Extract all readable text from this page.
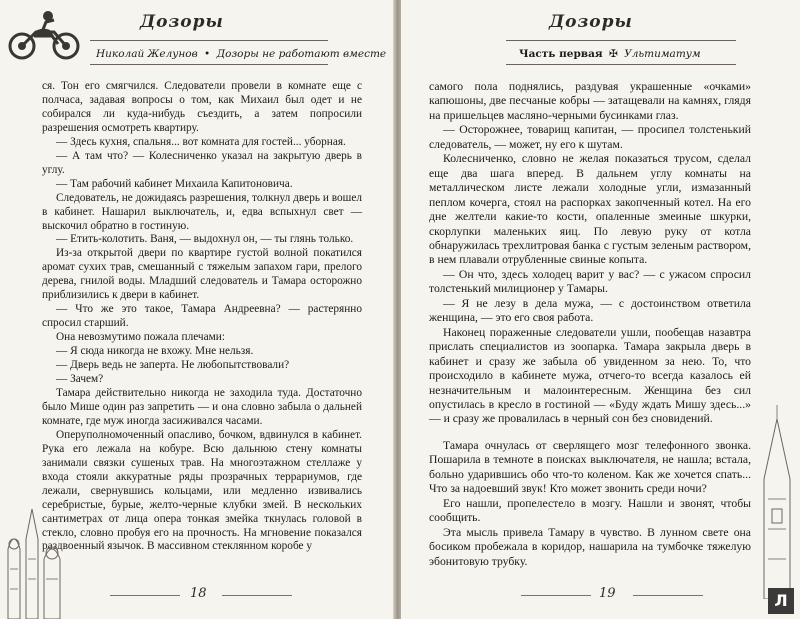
Дозоры
Николай Желунов • Дозоры не работают вместе

ся. Тон его смягчился. Следователи провели в комнате еще с полчаса, задавая вопросы о том, как Михаил был одет и не собирался ли куда-нибудь съездить, а затем попросили разрешения осмотреть квартиру.

— Здесь кухня, спальня... вот комната для гостей... уборная.

— А там что? — Колесниченко указал на закрытую дверь в углу.

— Там рабочий кабинет Михаила Капитоновича.

Следователь, не дожидаясь разрешения, толкнул дверь и вошел в кабинет. Нашарил выключатель, и, едва вспыхнул свет — выскочил обратно в гостиную.

— Етить-колотить. Ваня, — выдохнул он, — ты глянь только.

Из-за открытой двери по квартире густой волной покатился аромат сухих трав, смешанный с тяжелым запахом гари, прелого дерева, гнилой воды. Младший следователь и Тамара осторожно приблизились к двери в кабинет.

— Что же это такое, Тамара Андреевна? — растерянно спросил старший.

Она невозмутимо пожала плечами:

— Я сюда никогда не вхожу. Мне нельзя.

— Дверь ведь не заперта. Не любопытствовали?

— Зачем?

Тамара действительно никогда не заходила туда. Достаточно было Мише один раз запретить — и она словно забыла о дальней комнате, где муж иногда засиживался часами.

Оперуполномоченный опасливо, бочком, вдвинулся в кабинет. Рука его лежала на кобуре. Всю дальнюю стену комнаты занимали связки сушеных трав. На многоэтажном стеллаже у входа стояли аккуратные ряды прозрачных террариумов, где лежали, свернувшись кольцами, или медленно извивались серебристые, бурые, желто-черные клубки змей. В нескольких сантиметрах от лица опера тонкая змейка ткнулась головой в стекло, словно пробуя его на прочность. На мгновение показался раздвоенный язычок. В массивном стеклянном коробе у

18
Дозоры
Часть первая ✠ Ультиматум

самого пола поднялись, раздувая украшенные «очками» капюшоны, две песчаные кобры — затащевали на камнях, глядя на пришельцев масляно-черными бусинками глаз.

— Осторожнее, товарищ капитан, — просипел толстенький следователь, — может, ну его к шутам.

Колесниченко, словно не желая показаться трусом, сделал еще два шага вперед. В дальнем углу комнаты на металлическом листе лежали холодные угли, измазанный пеплом кочерга, стоял на распорках закопченный котел. На его дне желтели какие-то кости, опаленные змеиные шкурки, скорлупки маленьких яиц. По левую руку от котла обнаружилась трехлитровая банка с густым зеленым раствором, в нем плавали отрубленные свиные копыта.

— Он что, здесь холодец варит у вас? — с ужасом спросил толстенький милиционер у Тамары.

— Я не лезу в дела мужа, — с достоинством ответила женщина, — это его своя работа.

Наконец пораженные следователи ушли, пообещав назавтра прислать специалистов из зоопарка. Тамара закрыла дверь в кабинет и сразу же забыла об увиденном за нею. То, что происходило в кабинете мужа, отчего-то всегда казалось ей незначительным и малоинтересным. Женщина без сил опустилась в кресло в гостиной — «Буду ждать Мишу здесь...» — и сразу же провалилась в черный сон без сновидений.

Тамара очнулась от сверлящего мозг телефонного звонка. Пошарила в темноте в поисках выключателя, не нашла; встала, больно ударившись обо что-то коленом. Как же хочется спать... Что за надоевший звук! Кто может звонить среди ночи?

Его нашли, пропелестело в мозгу. Нашли и звонят, чтобы сообщить.

Эта мысль привела Тамару в чувство. В лунном свете она босиком пробежала в коридор, нашарила на тумбочке тяжелую эбонитовую трубку.

19	Л
